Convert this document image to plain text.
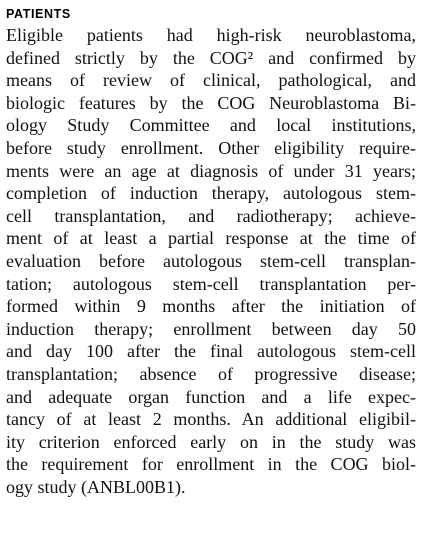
PATIENTS
Eligible patients had high-risk neuroblastoma,
defined strictly by the COG² and confirmed by
means of review of clinical, pathological, and
biologic features by the COG Neuroblastoma Bi-
ology Study Committee and local institutions,
before study enrollment. Other eligibility require-
ments were an age at diagnosis of under 31 years;
completion of induction therapy, autologous stem-
cell transplantation, and radiotherapy; achieve-
ment of at least a partial response at the time of
evaluation before autologous stem-cell transplan-
tation; autologous stem-cell transplantation per-
formed within 9 months after the initiation of
induction therapy; enrollment between day 50
and day 100 after the final autologous stem-cell
transplantation; absence of progressive disease;
and adequate organ function and a life expec-
tancy of at least 2 months. An additional eligibil-
ity criterion enforced early on in the study was
the requirement for enrollment in the COG biol-
ogy study (ANBL00B1).
